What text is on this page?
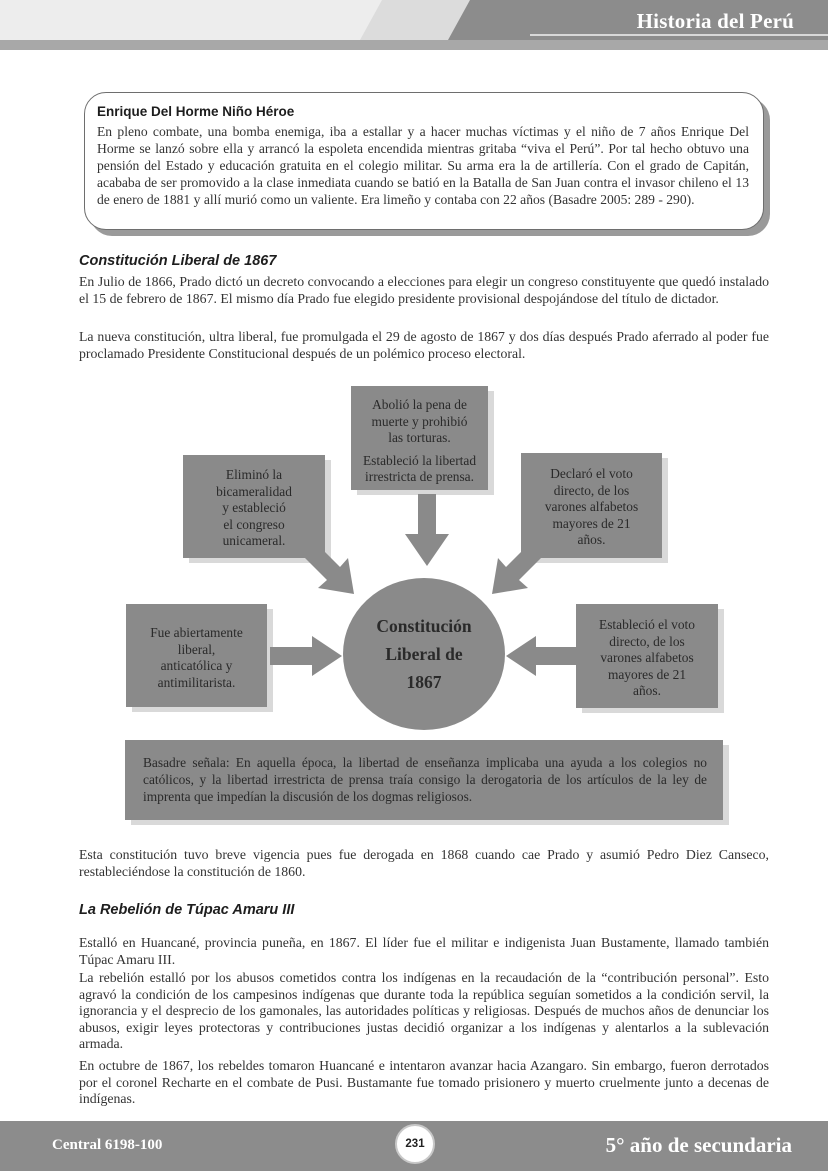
Historia del Perú
Enrique Del Horme Niño Héroe

En pleno combate, una bomba enemiga, iba a estallar y a hacer muchas víctimas y el niño de 7 años Enrique Del Horme se lanzó sobre ella y arrancó la espoleta encendida mientras gritaba “viva el Perú”. Por tal hecho obtuvo una pensión del Estado y educación gratuita en el colegio militar. Su arma era la de artillería. Con el grado de Capitán, acababa de ser promovido a la clase inmediata cuando se batió en la Batalla de San Juan contra el invasor chileno el 13 de enero de 1881 y allí murió como un valiente. Era limeño y contaba con 22 años (Basadre 2005: 289 - 290).

Constitución Liberal de 1867

En Julio de 1866, Prado dictó un decreto convocando a elecciones para elegir un congreso constituyente que quedó instalado el 15 de febrero de 1867. El mismo día Prado fue elegido presidente provisional despojándose del título de dictador.

La nueva constitución, ultra liberal, fue promulgada el 29 de agosto de 1867 y dos días después Prado aferrado al poder fue proclamado Presidente Constitucional después de un polémico proceso electoral.

Abolió la pena de
muerte y prohibió
las torturas.
Estableció la libertad
irrestricta de prensa.
Eliminó la
bicameralidad
y estableció
el congreso
unicameral.
Declaró el voto
directo, de los
varones alfabetos
mayores de 21
años.
Fue abiertamente
liberal,
anticatólica y
antimilitarista.
Estableció el voto
directo, de los
varones alfabetos
mayores de 21
años.
Constitución
Liberal de
1867
Basadre señala: En aquella época, la libertad de enseñanza implicaba una ayuda a los colegios no católicos, y la libertad irrestricta de prensa traía consigo la derogatoria de los artículos de la ley de imprenta que impedían la discusión de los dogmas religiosos.

Esta constitución tuvo breve vigencia pues fue derogada en 1868 cuando cae Prado y asumió Pedro Diez Canseco, restableciéndose la constitución de 1860.

La Rebelión de Túpac Amaru III

Estalló en Huancané, provincia puneña, en 1867. El líder fue el militar e indigenista Juan Bustamente, llamado también Túpac Amaru III.

La rebelión estalló por los abusos cometidos contra los indígenas en la recaudación de la “contribución personal”. Esto agravó la condición de los campesinos indígenas que durante toda la república seguían sometidos a la condición servil, la ignorancia y el desprecio de los gamonales, las autoridades políticas y religiosas. Después de muchos años de denunciar los abusos, exigir leyes protectoras y contribuciones justas decidió organizar a los indígenas y alentarlos a la sublevación armada.

En octubre de 1867, los rebeldes tomaron Huancané e intentaron avanzar hacia Azangaro. Sin embargo, fueron derrotados por el coronel Recharte en el combate de Pusi. Bustamante fue tomado prisionero y muerto cruelmente junto a decenas de indígenas.

Central 6198-100	5° año de secundaria
231
